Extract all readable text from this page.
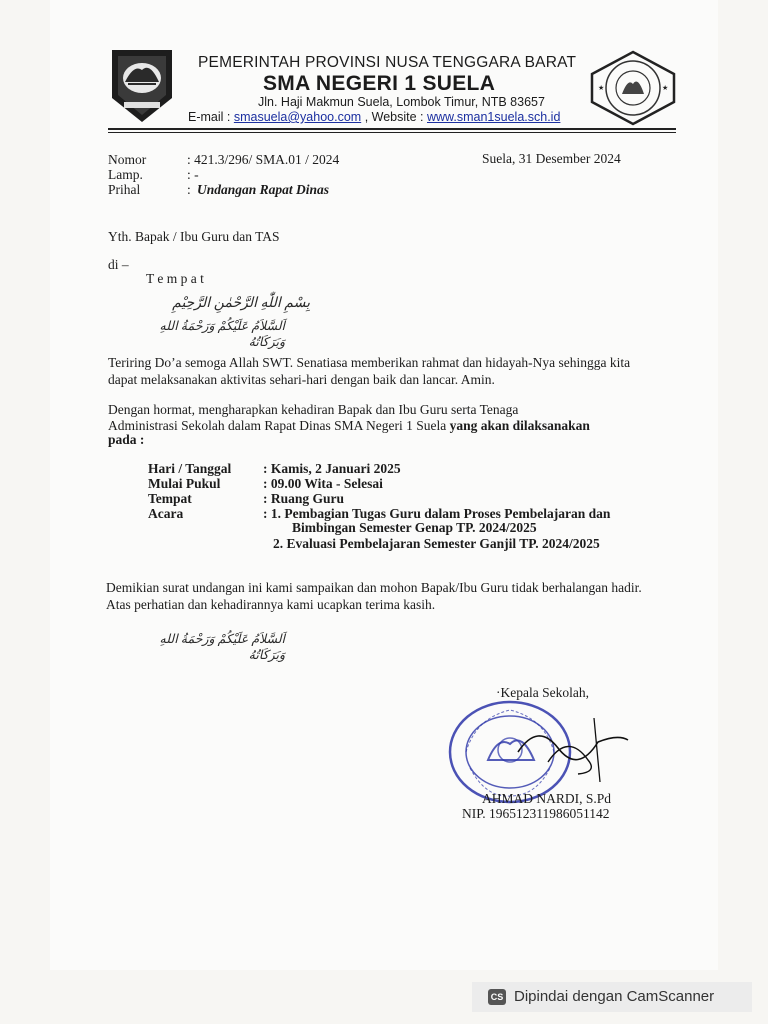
★	★
PEMERINTAH PROVINSI NUSA TENGGARA BARAT
SMA NEGERI 1 SUELA
Jln. Haji Makmun Suela, Lombok Timur, NTB 83657
E-mail : smasuela@yahoo.com , Website : www.sman1suela.sch.id
Nomor	: 421.3/296/ SMA.01 / 2024	Suela, 31 Desember 2024
Lamp.	: -
Prihal	: Undangan Rapat Dinas
Yth. Bapak / Ibu Guru dan TAS
di –
T e m p a t
بِسْمِ اللّٰهِ الرَّحْمٰنِ الرَّحِيْمِ
اَلسَّلاَمُ عَلَيْكُمْ وَرَحْمَةُ اللهِ وَبَرَكَاتُهُ
Teriring Do’a semoga Allah SWT. Senatiasa memberikan rahmat dan hidayah-Nya sehingga kita
dapat melaksanakan aktivitas sehari-hari dengan baik dan lancar. Amin.
Dengan hormat, mengharapkan kehadiran Bapak dan Ibu Guru serta Tenaga
Administrasi Sekolah dalam Rapat Dinas SMA Negeri 1 Suela yang akan dilaksanakan
pada :
Hari / Tanggal : Kamis, 2 Januari 2025
Mulai Pukul	: 09.00 Wita - Selesai
Tempat	: Ruang Guru
Acara	: 1. Pembagian Tugas Guru dalam Proses Pembelajaran dan
Bimbingan Semester Genap TP. 2024/2025
2. Evaluasi Pembelajaran Semester Ganjil TP. 2024/2025
Demikian surat undangan ini kami sampaikan dan mohon Bapak/Ibu Guru tidak berhalangan hadir.
Atas perhatian dan kehadirannya kami ucapkan terima kasih.
اَلسَّلاَمُ عَلَيْكُمْ وَرَحْمَةُ اللهِ وَبَرَكَاتُهُ
·Kepala Sekolah,
AHMAD NARDI, S.Pd
NIP. 196512311986051142
CS Dipindai dengan CamScanner
